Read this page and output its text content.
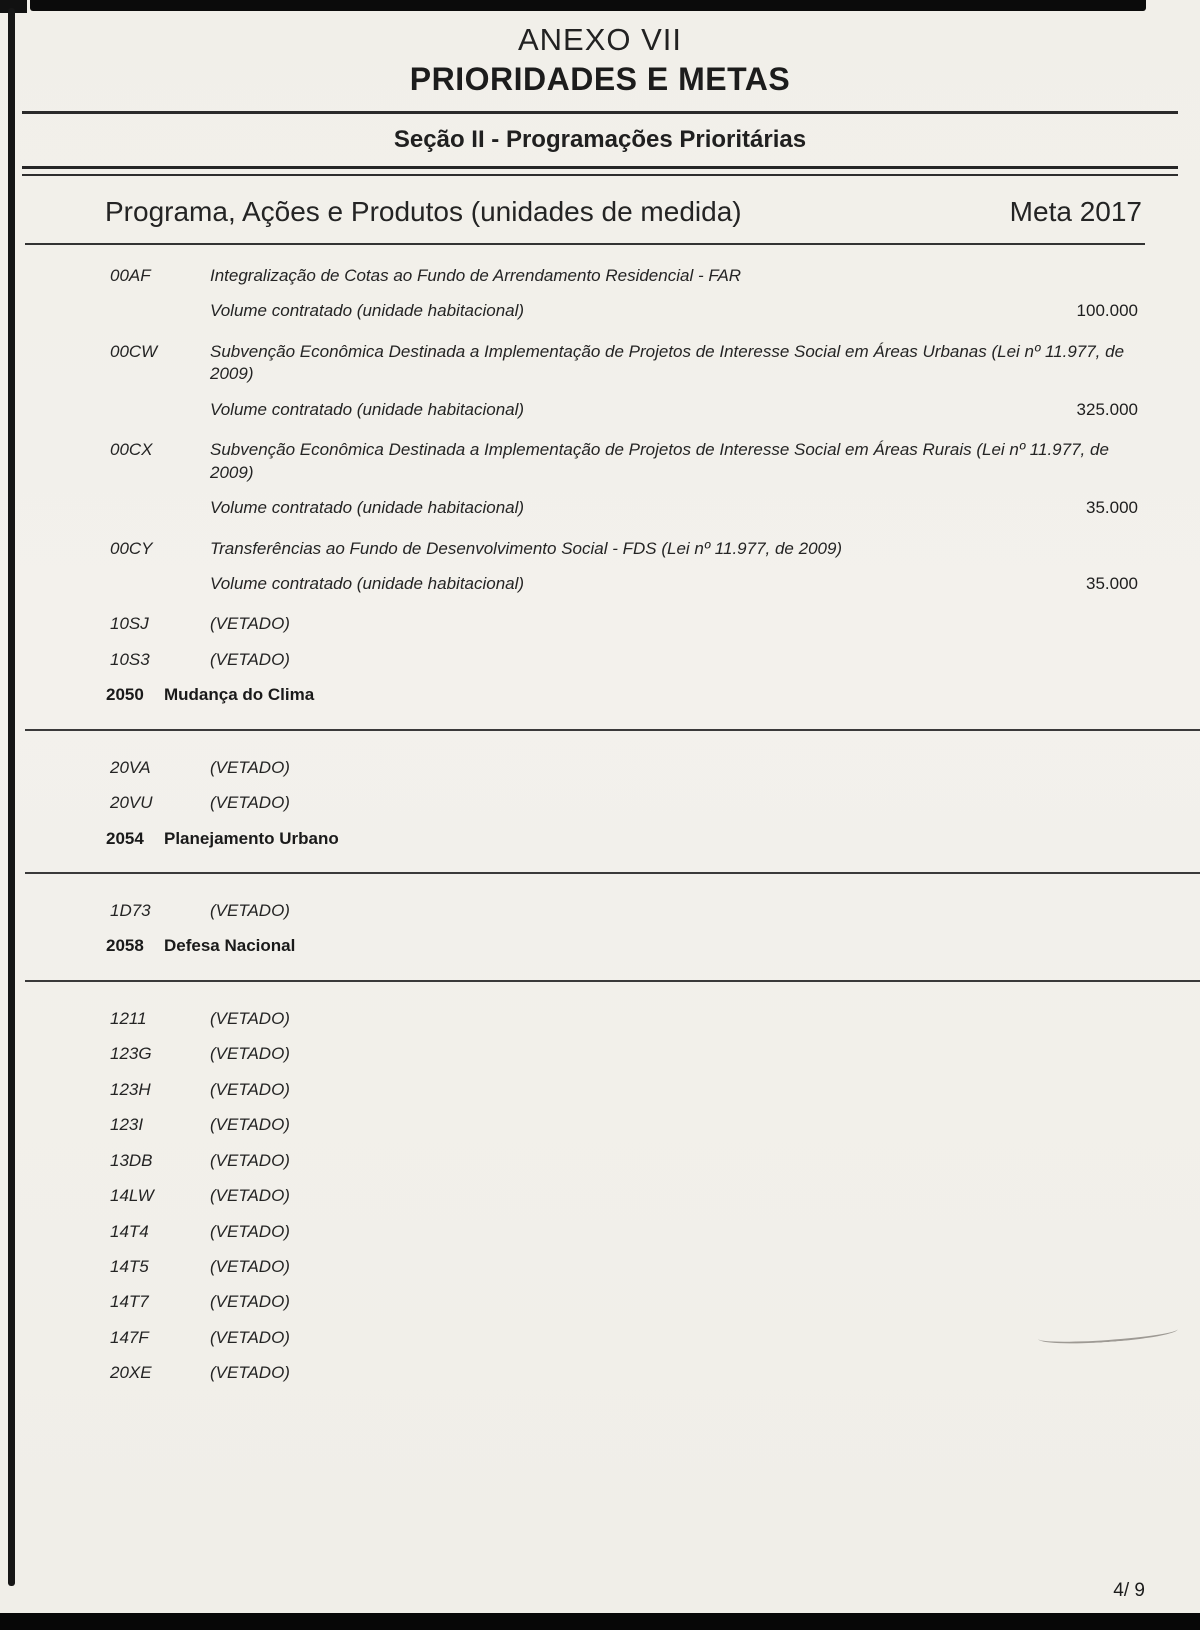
ANEXO VII
PRIORIDADES E METAS
Seção II - Programações Prioritárias
Programa, Ações e Produtos (unidades de medida)	Meta 2017
00AF	Integralização de Cotas ao Fundo de Arrendamento Residencial - FAR
Volume contratado (unidade habitacional)	100.000
00CW	Subvenção Econômica Destinada a Implementação de Projetos de Interesse Social em Áreas Urbanas (Lei nº 11.977, de 2009)
Volume contratado (unidade habitacional)	325.000
00CX	Subvenção Econômica Destinada a Implementação de Projetos de Interesse Social em Áreas Rurais (Lei nº 11.977, de 2009)
Volume contratado (unidade habitacional)	35.000
00CY	Transferências ao Fundo de Desenvolvimento Social - FDS (Lei nº 11.977, de 2009)
Volume contratado (unidade habitacional)	35.000
10SJ	(VETADO)
10S3	(VETADO)
2050	Mudança do Clima
20VA	(VETADO)
20VU	(VETADO)
2054	Planejamento Urbano
1D73	(VETADO)
2058	Defesa Nacional
1211	(VETADO)
123G	(VETADO)
123H	(VETADO)
123I	(VETADO)
13DB	(VETADO)
14LW	(VETADO)
14T4	(VETADO)
14T5	(VETADO)
14T7	(VETADO)
147F	(VETADO)
20XE	(VETADO)
4/ 9
